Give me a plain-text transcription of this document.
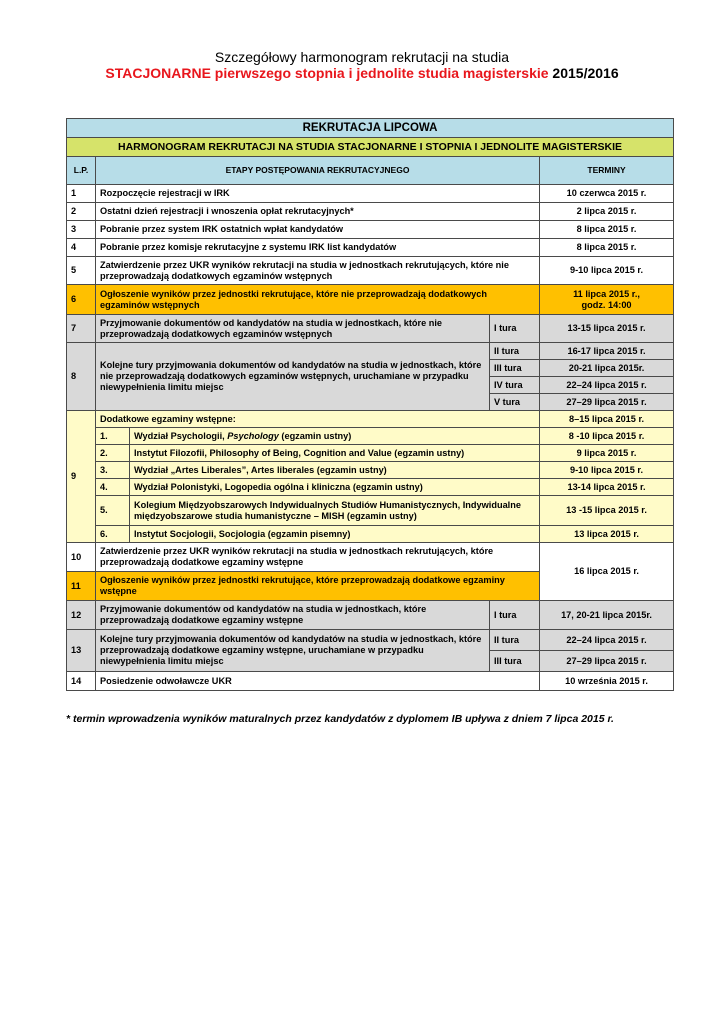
Szczegółowy harmonogram rekrutacji na studia
STACJONARNE pierwszego stopnia i jednolite studia magisterskie 2015/2016
REKRUTACJA LIPCOWA				
HARMONOGRAM REKRUTACJI NA STUDIA STACJONARNE I STOPNIA I JEDNOLITE MAGISTERSKIE				
L.P.	ETAPY POSTĘPOWANIA REKRUTACYJNEGO			TERMINY
1	Rozpoczęcie rejestracji w IRK			10 czerwca 2015 r.
2	Ostatni dzień rejestracji i wnoszenia opłat rekrutacyjnych*			2 lipca 2015 r.
3	Pobranie przez system IRK ostatnich wpłat kandydatów			8 lipca 2015 r.
4	Pobranie przez komisje rekrutacyjne z systemu IRK list kandydatów			8 lipca 2015 r.
5	Zatwierdzenie przez UKR wyników rekrutacji na studia w jednostkach rekrutujących, które nie przeprowadzają dodatkowych egzaminów wstępnych			9-10 lipca 2015 r.
6	Ogłoszenie wyników przez jednostki rekrutujące, które nie przeprowadzają dodatkowych egzaminów wstępnych			11 lipca 2015 r.,
godz. 14:00
7	Przyjmowanie dokumentów od kandydatów na studia w jednostkach, które nie przeprowadzają dodatkowych egzaminów wstępnych		I tura	13-15 lipca 2015 r.
8	Kolejne tury przyjmowania dokumentów od kandydatów na studia w jednostkach, które nie przeprowadzają dodatkowych egzaminów wstępnych, uruchamiane w przypadku niewypełnienia limitu miejsc		II tura	16-17 lipca 2015 r.
			III tura	20-21 lipca 2015r.
			IV tura	22–24 lipca 2015 r.
			V tura	27–29 lipca 2015 r.
9	Dodatkowe egzaminy wstępne:			8–15 lipca 2015 r.
	1.	Wydział Psychologii, Psychology (egzamin ustny)		8 -10 lipca 2015 r.
	2.	Instytut Filozofii, Philosophy of Being, Cognition and Value (egzamin ustny)		9 lipca 2015 r.
	3.	Wydział „Artes Liberales”, Artes liberales (egzamin ustny)		9-10 lipca 2015 r.
	4.	Wydział Polonistyki, Logopedia ogólna i kliniczna (egzamin ustny)		13-14 lipca 2015 r.
	5.	Kolegium Międzyobszarowych Indywidualnych Studiów Humanistycznych, Indywidualne międzyobszarowe studia humanistyczne – MISH (egzamin ustny)		13 -15 lipca 2015 r.
	6.	Instytut Socjologii, Socjologia (egzamin pisemny)		13 lipca 2015 r.
10	Zatwierdzenie przez UKR wyników rekrutacji na studia w jednostkach rekrutujących, które przeprowadzają dodatkowe egzaminy wstępne			16 lipca 2015 r.
11	Ogłoszenie wyników przez jednostki rekrutujące, które przeprowadzają dodatkowe egzaminy wstępne			
12	Przyjmowanie dokumentów od kandydatów na studia w jednostkach, które przeprowadzają dodatkowe egzaminy wstępne		I tura	17, 20-21 lipca 2015r.
13	Kolejne tury przyjmowania dokumentów od kandydatów na studia w jednostkach, które przeprowadzają dodatkowe egzaminy wstępne, uruchamiane w przypadku niewypełnienia limitu miejsc		II tura	22–24 lipca 2015 r.
			III tura	27–29 lipca 2015 r.
14	Posiedzenie odwoławcze UKR			10 września 2015 r.
* termin wprowadzenia wyników maturalnych przez kandydatów z dyplomem IB upływa z dniem 7 lipca 2015 r.
